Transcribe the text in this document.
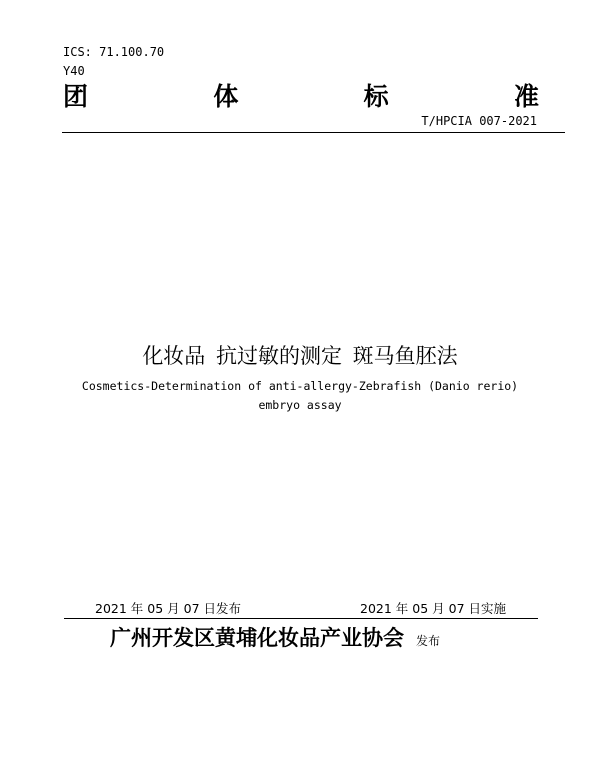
ICS: 71.100.70
Y40
团	体	标	准
T/HPCIA 007-2021
化妆品 抗过敏的测定 斑马鱼胚法
Cosmetics-Determination of anti-allergy-Zebrafish (Danio rerio)
embryo assay
2021 年 05 月 07 日发布	2021 年 05 月 07 日实施
广州开发区黄埔化妆品产业协会 发布
